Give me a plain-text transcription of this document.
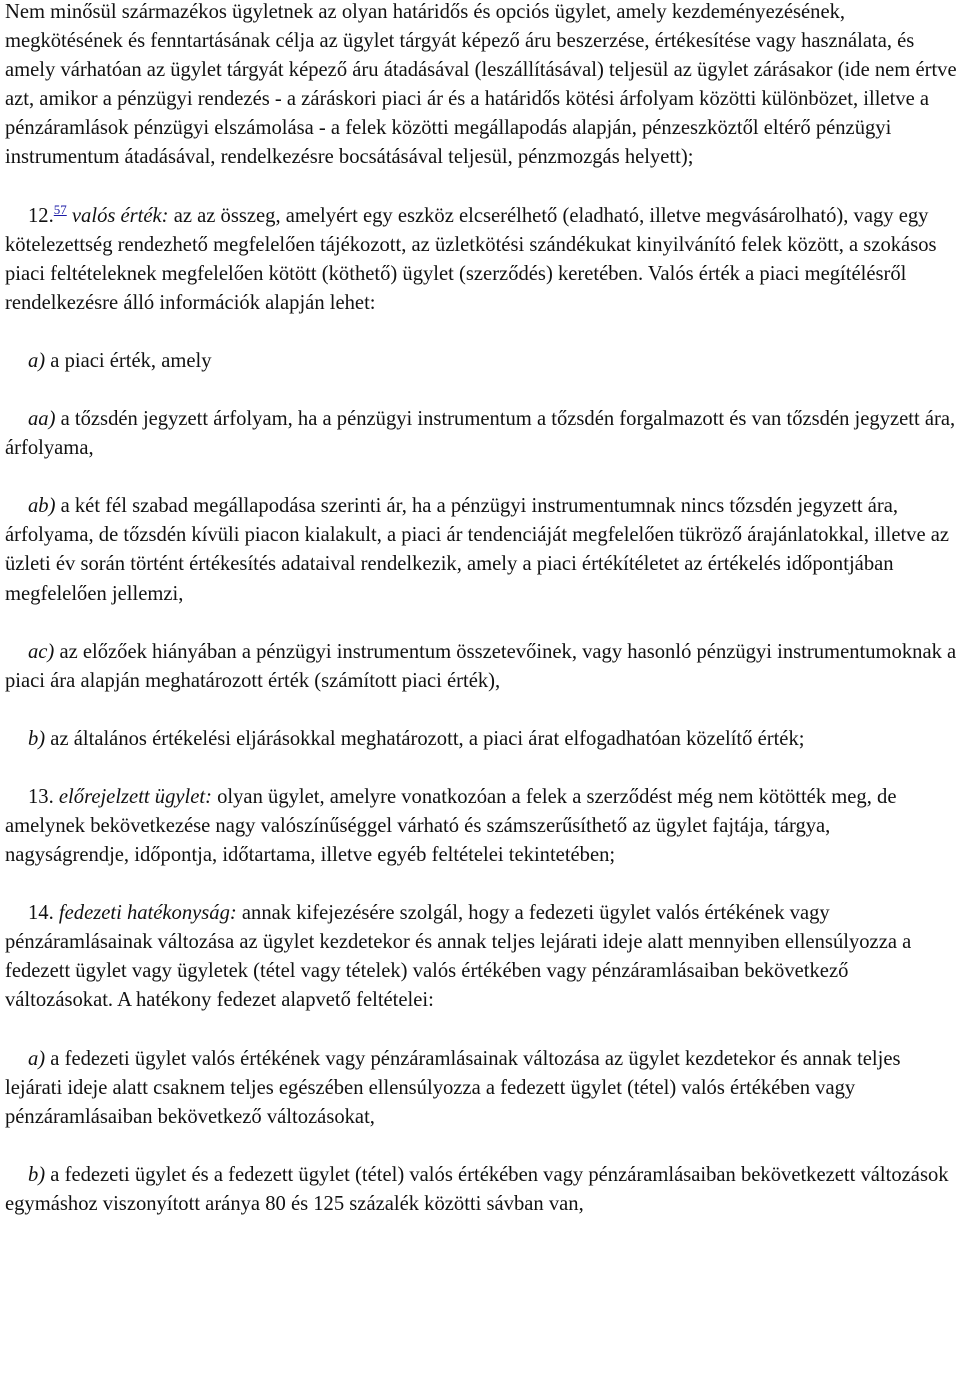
Nem minősül származékos ügyletnek az olyan határidős és opciós ügylet, amely kezdeményezésének, megkötésének és fenntartásának célja az ügylet tárgyát képező áru beszerzése, értékesítése vagy használata, és amely várhatóan az ügylet tárgyát képező áru átadásával (leszállításával) teljesül az ügylet zárásakor (ide nem értve azt, amikor a pénzügyi rendezés - a záráskori piaci ár és a határidős kötési árfolyam közötti különbözet, illetve a pénzáramlások pénzügyi elszámolása - a felek közötti megállapodás alapján, pénzeszköztől eltérő pénzügyi instrumentum átadásával, rendelkezésre bocsátásával teljesül, pénzmozgás helyett);

12.57 valós érték: az az összeg, amelyért egy eszköz elcserélhető (eladható, illetve megvásárolható), vagy egy kötelezettség rendezhető megfelelően tájékozott, az üzletkötési szándékukat kinyilvánító felek között, a szokásos piaci feltételeknek megfelelően kötött (köthető) ügylet (szerződés) keretében. Valós érték a piaci megítélésről rendelkezésre álló információk alapján lehet:

a) a piaci érték, amely

aa) a tőzsdén jegyzett árfolyam, ha a pénzügyi instrumentum a tőzsdén forgalmazott és van tőzsdén jegyzett ára, árfolyama,

ab) a két fél szabad megállapodása szerinti ár, ha a pénzügyi instrumentumnak nincs tőzsdén jegyzett ára, árfolyama, de tőzsdén kívüli piacon kialakult, a piaci ár tendenciáját megfelelően tükröző árajánlatokkal, illetve az üzleti év során történt értékesítés adataival rendelkezik, amely a piaci értékítéletet az értékelés időpontjában megfelelően jellemzi,

ac) az előzőek hiányában a pénzügyi instrumentum összetevőinek, vagy hasonló pénzügyi instrumentumoknak a piaci ára alapján meghatározott érték (számított piaci érték),

b) az általános értékelési eljárásokkal meghatározott, a piaci árat elfogadhatóan közelítő érték;

13. előrejelzett ügylet: olyan ügylet, amelyre vonatkozóan a felek a szerződést még nem kötötték meg, de amelynek bekövetkezése nagy valószínűséggel várható és számszerűsíthető az ügylet fajtája, tárgya, nagyságrendje, időpontja, időtartama, illetve egyéb feltételei tekintetében;

14. fedezeti hatékonyság: annak kifejezésére szolgál, hogy a fedezeti ügylet valós értékének vagy pénzáramlásainak változása az ügylet kezdetekor és annak teljes lejárati ideje alatt mennyiben ellensúlyozza a fedezett ügylet vagy ügyletek (tétel vagy tételek) valós értékében vagy pénzáramlásaiban bekövetkező változásokat. A hatékony fedezet alapvető feltételei:

a) a fedezeti ügylet valós értékének vagy pénzáramlásainak változása az ügylet kezdetekor és annak teljes lejárati ideje alatt csaknem teljes egészében ellensúlyozza a fedezett ügylet (tétel) valós értékében vagy pénzáramlásaiban bekövetkező változásokat,

b) a fedezeti ügylet és a fedezett ügylet (tétel) valós értékében vagy pénzáramlásaiban bekövetkezett változások egymáshoz viszonyított aránya 80 és 125 százalék közötti sávban van,
